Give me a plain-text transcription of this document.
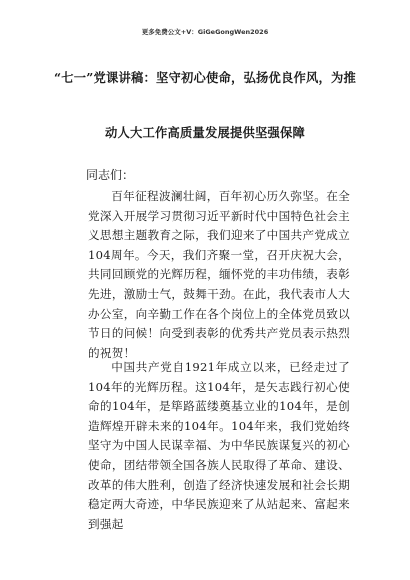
更多免费公文+V：GiGeGongWen2026
“七一”党课讲稿：坚守初心使命，弘扬优良作风，为推
动人大工作高质量发展提供坚强保障
同志们：

百年征程波澜壮阔，百年初心历久弥坚。在全党深入开展学习贯彻习近平新时代中国特色社会主义思想主题教育之际，我们迎来了中国共产党成立104周年。今天，我们齐聚一堂，召开庆祝大会，共同回顾党的光辉历程，缅怀党的丰功伟绩，表彰先进，激励士气，鼓舞干劲。在此，我代表市人大办公室，向辛勤工作在各个岗位上的全体党员致以节日的问候！向受到表彰的优秀共产党员表示热烈的祝贺！

中国共产党自1921年成立以来，已经走过了104年的光辉历程。这104年，是矢志践行初心使命的104年，是筚路蓝缕奠基立业的104年，是创造辉煌开辟未来的104年。104年来，我们党始终坚守为中国人民谋幸福、为中华民族谋复兴的初心使命，团结带领全国各族人民取得了革命、建设、改革的伟大胜利，创造了经济快速发展和社会长期稳定两大奇迹，中华民族迎来了从站起来、富起来到强起
